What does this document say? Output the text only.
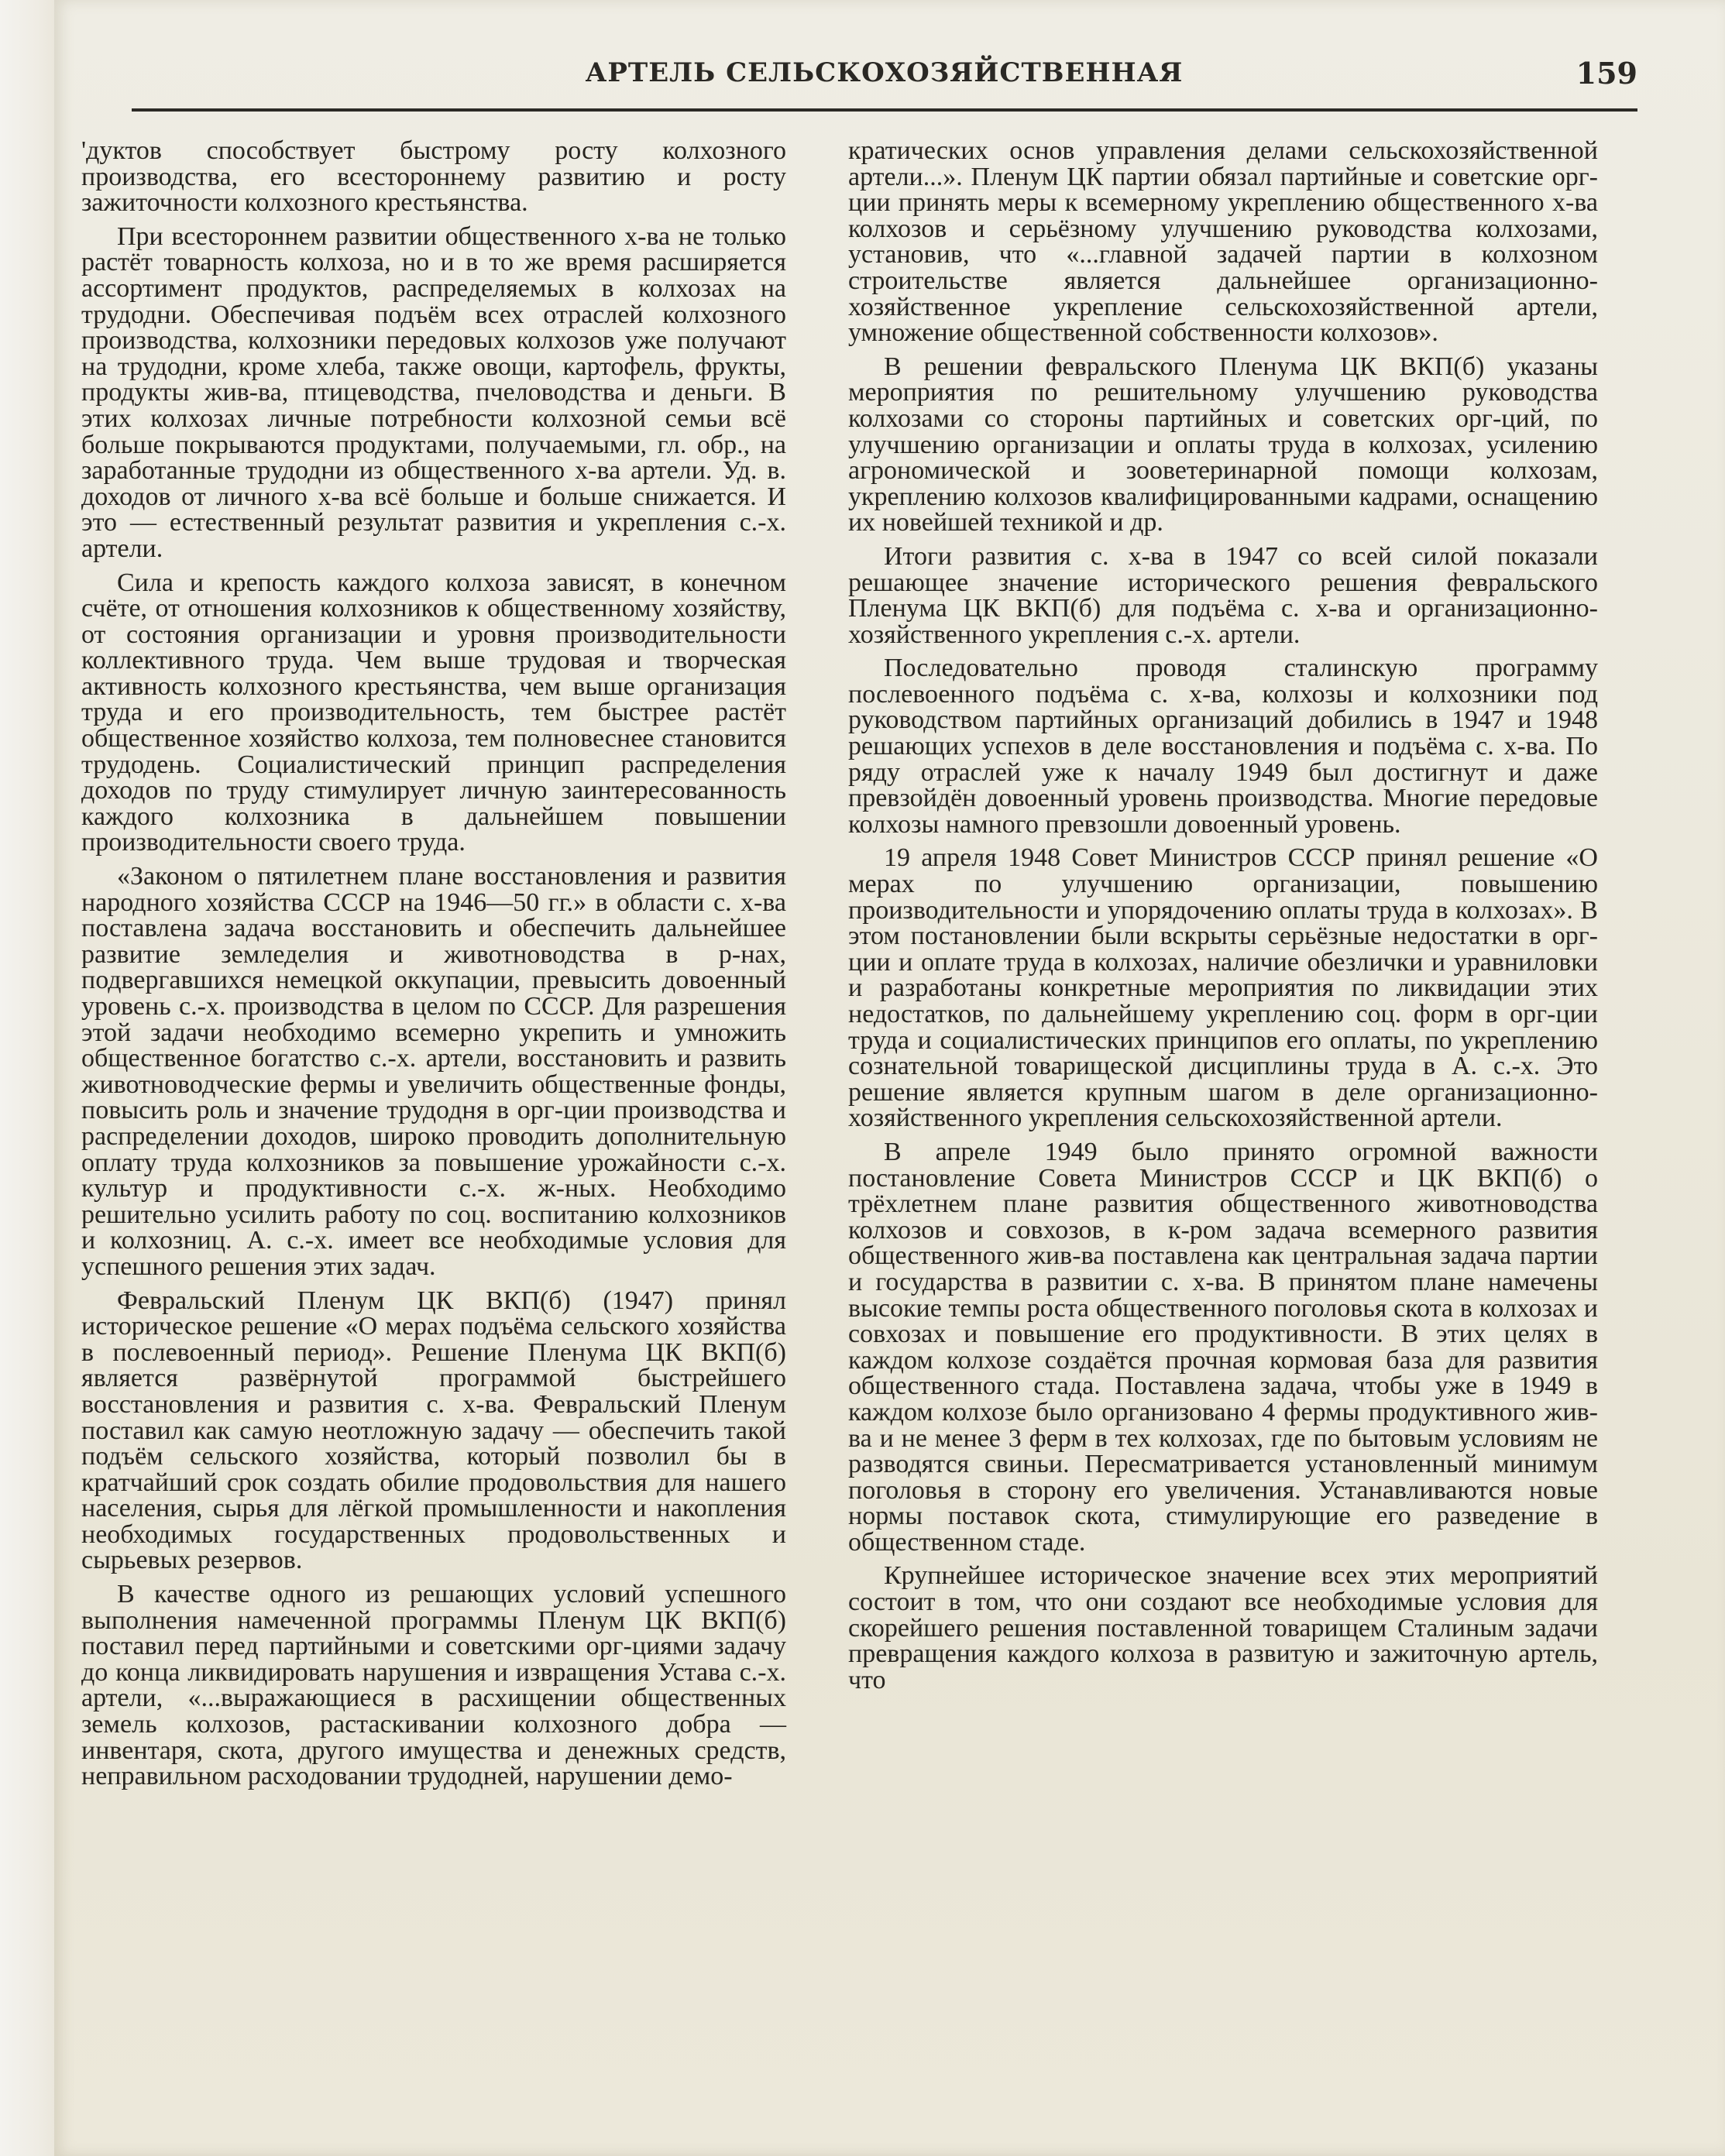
АРТЕЛЬ СЕЛЬСКОХОЗЯЙСТВЕННАЯ	159

'дуктов способствует быстрому росту колхозного производства, его всестороннему развитию и росту зажиточности колхозного крестьянства.

При всестороннем развитии общественного х-ва не только растёт товарность колхоза, но и в то же время расширяется ассортимент продуктов, распределяемых в колхозах на трудодни. Обеспечивая подъём всех отраслей колхозного производства, колхозники передовых колхозов уже получают на трудодни, кроме хлеба, также овощи, картофель, фрукты, продукты жив-ва, птицеводства, пчеловодства и деньги. В этих колхозах личные потребности колхозной семьи всё больше покрываются продуктами, получаемыми, гл. обр., на заработанные трудодни из общественного х-ва артели. Уд. в. доходов от личного х-ва всё больше и больше снижается. И это — естественный результат развития и укрепления с.-х. артели.

Сила и крепость каждого колхоза зависят, в конечном счёте, от отношения колхозников к общественному хозяйству, от состояния организации и уровня производительности коллективного труда. Чем выше трудовая и творческая активность колхозного крестьянства, чем выше организация труда и его производительность, тем быстрее растёт общественное хозяйство колхоза, тем полновеснее становится трудодень. Социалистический принцип распределения доходов по труду стимулирует личную заинтересованность каждого колхозника в дальнейшем повышении производительности своего труда.

«Законом о пятилетнем плане восстановления и развития народного хозяйства СССР на 1946—50 гг.» в области с. х-ва поставлена задача восстановить и обеспечить дальнейшее развитие земледелия и животноводства в р-нах, подвергавшихся немецкой оккупации, превысить довоенный уровень с.-х. производства в целом по СССР. Для разрешения этой задачи необходимо всемерно укрепить и умножить общественное богатство с.-х. артели, восстановить и развить животноводческие фермы и увеличить общественные фонды, повысить роль и значение трудодня в орг-ции производства и распределении доходов, широко проводить дополнительную оплату труда колхозников за повышение урожайности с.-х. культур и продуктивности с.-х. ж-ных. Необходимо решительно усилить работу по соц. воспитанию колхозников и колхозниц. А. с.-х. имеет все необходимые условия для успешного решения этих задач.

Февральский Пленум ЦК ВКП(б) (1947) принял историческое решение «О мерах подъёма сельского хозяйства в послевоенный период». Решение Пленума ЦК ВКП(б) является развёрнутой программой быстрейшего восстановления и развития с. х-ва. Февральский Пленум поставил как самую неотложную задачу — обеспечить такой подъём сельского хозяйства, который позволил бы в кратчайший срок создать обилие продовольствия для нашего населения, сырья для лёгкой промышленности и накопления необходимых государственных продовольственных и сырьевых резервов.

В качестве одного из решающих условий успешного выполнения намеченной программы Пленум ЦК ВКП(б) поставил перед партийными и советскими орг-циями задачу до конца ликвидировать нарушения и извращения Устава с.-х. артели, «...выражающиеся в расхищении общественных земель колхозов, растаскивании колхозного добра — инвентаря, скота, другого имущества и денежных средств, неправильном расходовании трудодней, нарушении демо-

кратических основ управления делами сельскохозяйственной артели...». Пленум ЦК партии обязал партийные и советские орг-ции принять меры к всемерному укреплению общественного х-ва колхозов и серьёзному улучшению руководства колхозами, установив, что «...главной задачей партии в колхозном строительстве является дальнейшее организационно-хозяйственное укрепление сельскохозяйственной артели, умножение общественной собственности колхозов».

В решении февральского Пленума ЦК ВКП(б) указаны мероприятия по решительному улучшению руководства колхозами со стороны партийных и советских орг-ций, по улучшению организации и оплаты труда в колхозах, усилению агрономической и зооветеринарной помощи колхозам, укреплению колхозов квалифицированными кадрами, оснащению их новейшей техникой и др.

Итоги развития с. х-ва в 1947 со всей силой показали решающее значение исторического решения февральского Пленума ЦК ВКП(б) для подъёма с. х-ва и организационно-хозяйственного укрепления с.-х. артели.

Последовательно проводя сталинскую программу послевоенного подъёма с. х-ва, колхозы и колхозники под руководством партийных организаций добились в 1947 и 1948 решающих успехов в деле восстановления и подъёма с. х-ва. По ряду отраслей уже к началу 1949 был достигнут и даже превзойдён довоенный уровень производства. Многие передовые колхозы намного превзошли довоенный уровень.

19 апреля 1948 Совет Министров СССР принял решение «О мерах по улучшению организации, повышению производительности и упорядочению оплаты труда в колхозах». В этом постановлении были вскрыты серьёзные недостатки в орг-ции и оплате труда в колхозах, наличие обезлички и уравниловки и разработаны конкретные мероприятия по ликвидации этих недостатков, по дальнейшему укреплению соц. форм в орг-ции труда и социалистических принципов его оплаты, по укреплению сознательной товарищеской дисциплины труда в А. с.-х. Это решение является крупным шагом в деле организационно-хозяйственного укрепления сельскохозяйственной артели.

В апреле 1949 было принято огромной важности постановление Совета Министров СССР и ЦК ВКП(б) о трёхлетнем плане развития общественного животноводства колхозов и совхозов, в к-ром задача всемерного развития общественного жив-ва поставлена как центральная задача партии и государства в развитии с. х-ва. В принятом плане намечены высокие темпы роста общественного поголовья скота в колхозах и совхозах и повышение его продуктивности. В этих целях в каждом колхозе создаётся прочная кормовая база для развития общественного стада. Поставлена задача, чтобы уже в 1949 в каждом колхозе было организовано 4 фермы продуктивного жив-ва и не менее 3 ферм в тех колхозах, где по бытовым условиям не разводятся свиньи. Пересматривается установленный минимум поголовья в сторону его увеличения. Устанавливаются новые нормы поставок скота, стимулирующие его разведение в общественном стаде.

Крупнейшее историческое значение всех этих мероприятий состоит в том, что они создают все необходимые условия для скорейшего решения поставленной товарищем Сталиным задачи превращения каждого колхоза в развитую и зажиточную артель, что
